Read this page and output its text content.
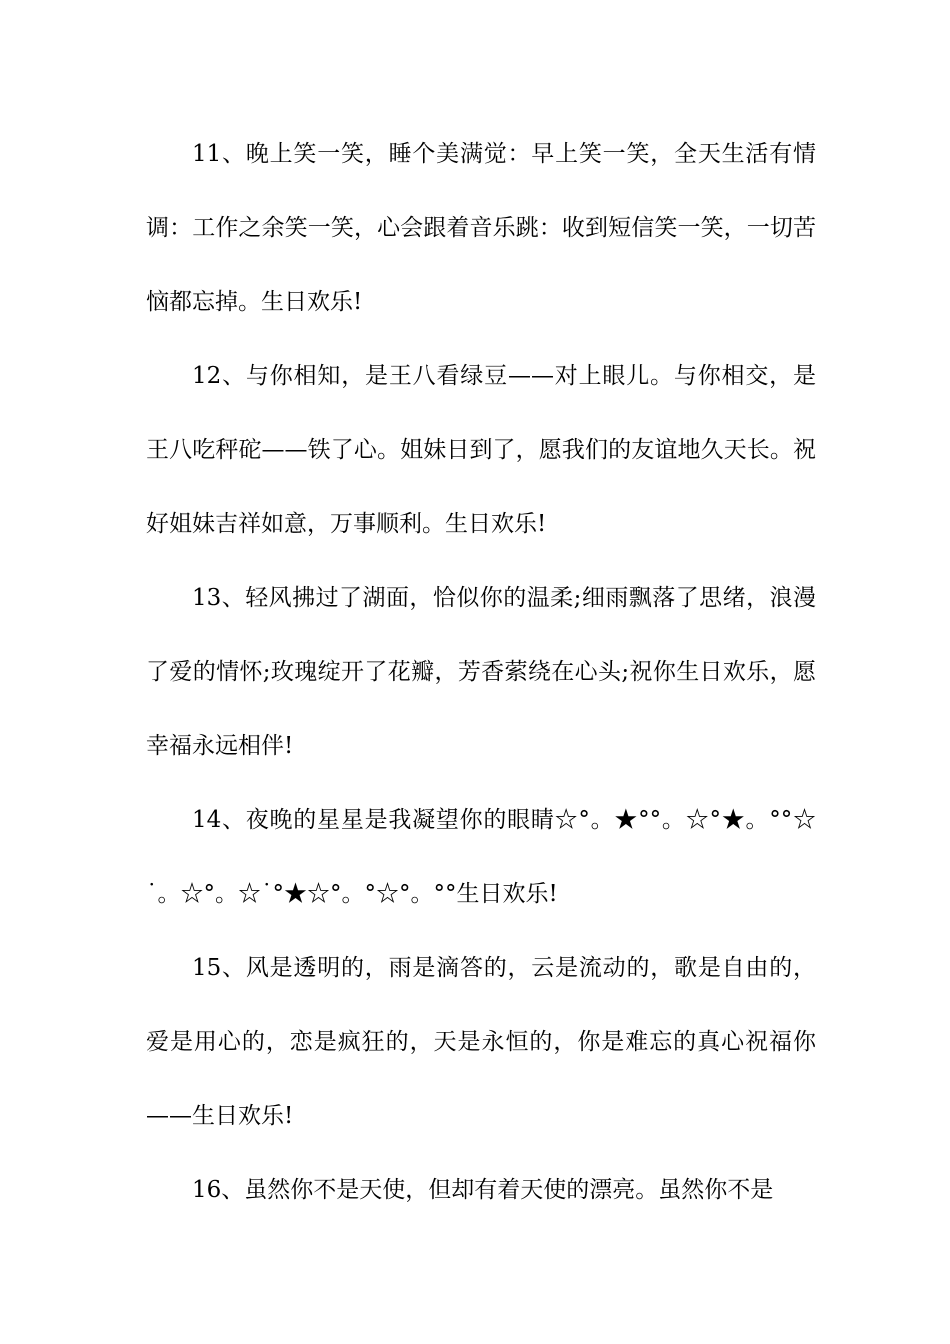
11、晚上笑一笑，睡个美满觉：早上笑一笑，全天生活有情调：工作之余笑一笑，心会跟着音乐跳：收到短信笑一笑，一切苦恼都忘掉。生日欢乐!

12、与你相知，是王八看绿豆——对上眼儿。与你相交，是王八吃秤砣——铁了心。姐妹日到了，愿我们的友谊地久天长。祝好姐妹吉祥如意，万事顺利。生日欢乐!

13、轻风拂过了湖面，恰似你的温柔;细雨飘落了思绪，浪漫了爱的情怀;玫瑰绽开了花瓣，芳香萦绕在心头;祝你生日欢乐，愿幸福永远相伴!

14、夜晚的星星是我凝望你的眼睛☆°。★°°。☆°★。°°☆˙。☆°。☆˙°★☆°。°☆°。°°生日欢乐!

15、风是透明的，雨是滴答的，云是流动的，歌是自由的，爱是用心的，恋是疯狂的，天是永恒的，你是难忘的真心祝福你——生日欢乐!

16、虽然你不是天使，但却有着天使的漂亮。虽然你不是
